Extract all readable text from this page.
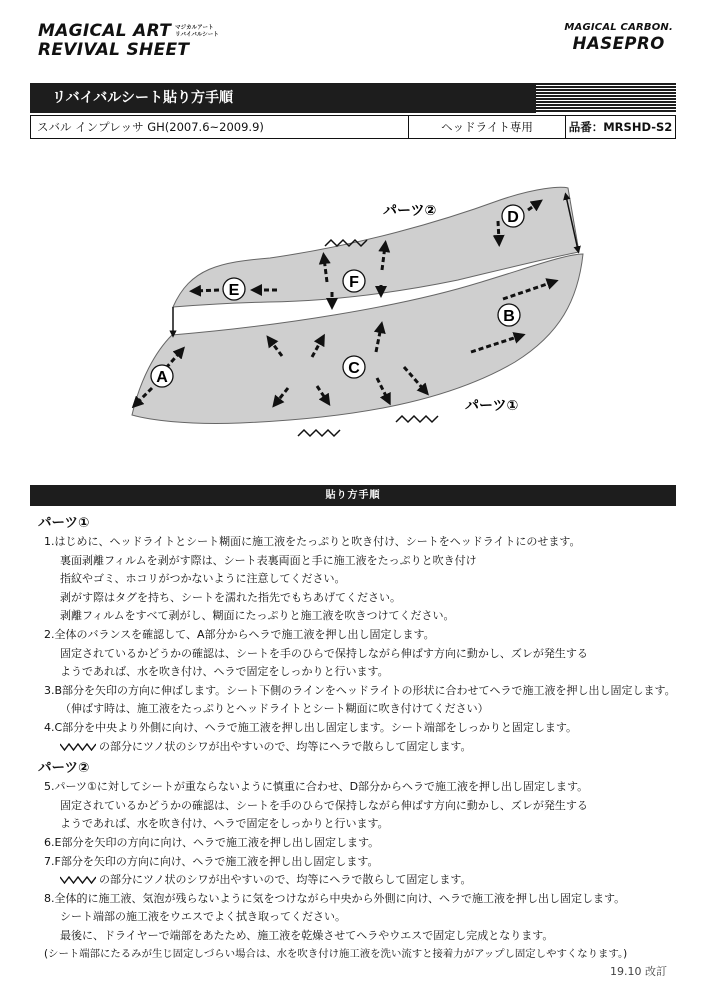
MAGICAL ART マジカルアート
リバイバルシート
REVIVAL SHEET
MAGICAL CARBON.
HASEPRO
リバイバルシート貼り方手順
スバル インプレッサ GH(2007.6~2009.9)	ヘッドライト専用	品番：MRSHD-S2
A
B
C
D
E	F
パーツ②
パーツ①
貼り方手順
パーツ①
1.はじめに、ヘッドライトとシート糊面に施工液をたっぷりと吹き付け、シートをヘッドライトにのせます。
裏面剥離フィルムを剥がす際は、シート表裏両面と手に施工液をたっぷりと吹き付け
指紋やゴミ、ホコリがつかないように注意してください。
剥がす際はタグを持ち、シートを濡れた指先でもちあげてください。
剥離フィルムをすべて剥がし、糊面にたっぷりと施工液を吹きつけてください。
2.全体のバランスを確認して、A部分からヘラで施工液を押し出し固定します。
固定されているかどうかの確認は、シートを手のひらで保持しながら伸ばす方向に動かし、ズレが発生する
ようであれば、水を吹き付け、ヘラで固定をしっかりと行います。
3.B部分を矢印の方向に伸ばします。シート下側のラインをヘッドライトの形状に合わせてヘラで施工液を押し出し固定します。
（伸ばす時は、施工液をたっぷりとヘッドライトとシート糊面に吹き付けてください）
4.C部分を中央より外側に向け、ヘラで施工液を押し出し固定します。シート端部をしっかりと固定します。
の部分にツノ状のシワが出やすいので、均等にヘラで散らして固定します。
パーツ②
5.パーツ①に対してシートが重ならないように慎重に合わせ、D部分からヘラで施工液を押し出し固定します。
固定されているかどうかの確認は、シートを手のひらで保持しながら伸ばす方向に動かし、ズレが発生する
ようであれば、水を吹き付け、ヘラで固定をしっかりと行います。
6.E部分を矢印の方向に向け、ヘラで施工液を押し出し固定します。
7.F部分を矢印の方向に向け、ヘラで施工液を押し出し固定します。
の部分にツノ状のシワが出やすいので、均等にヘラで散らして固定します。
8.全体的に施工液、気泡が残らないように気をつけながら中央から外側に向け、ヘラで施工液を押し出し固定します。
シート端部の施工液をウエスでよく拭き取ってください。
最後に、ドライヤーで端部をあたため、施工液を乾燥させてヘラやウエスで固定し完成となります。
(シート端部にたるみが生じ固定しづらい場合は、水を吹き付け施工液を洗い流すと接着力がアップし固定しやすくなります。)
19.10 改訂
